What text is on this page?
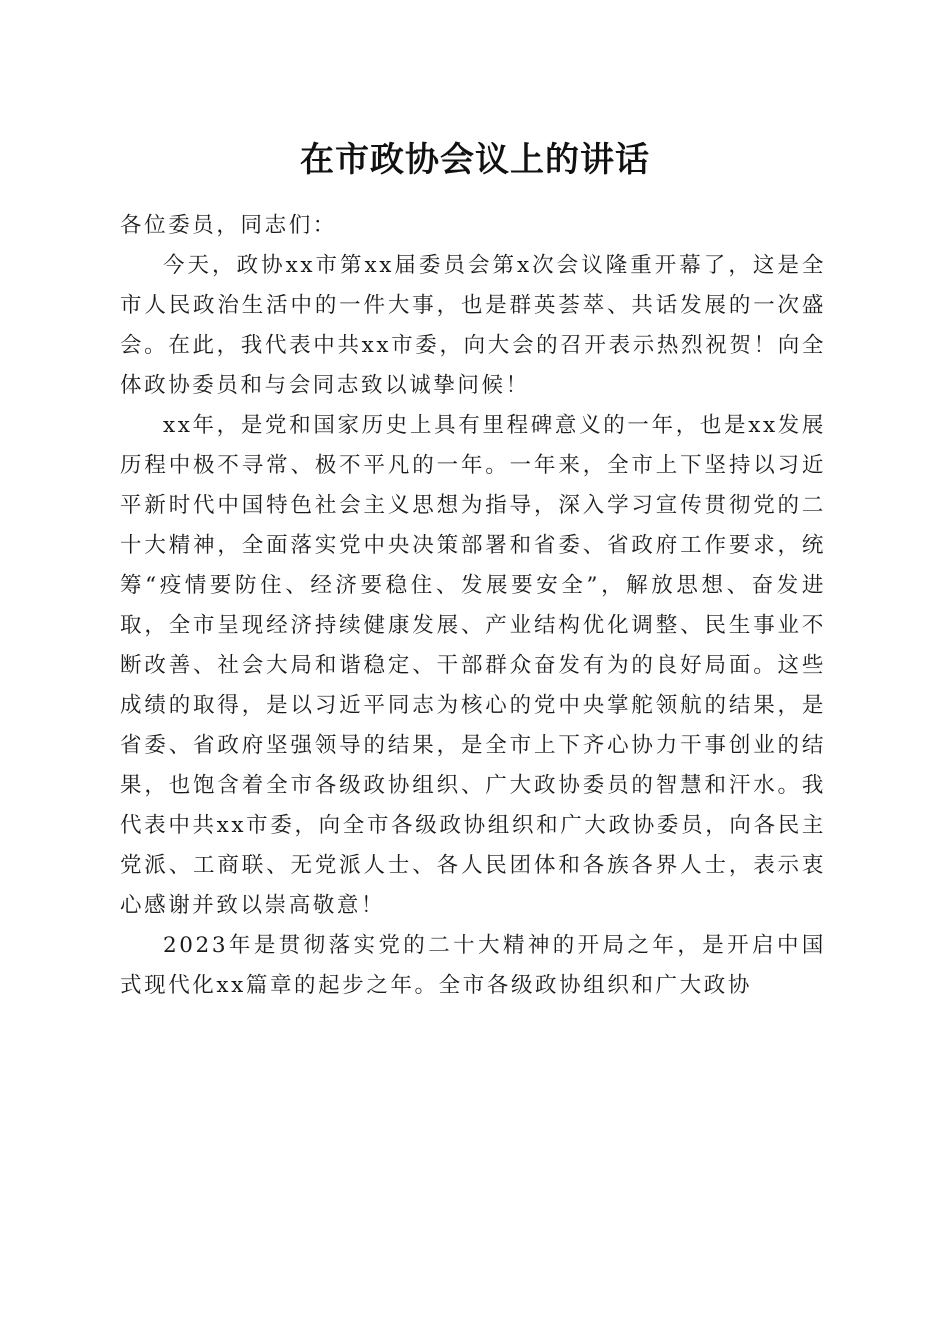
在市政协会议上的讲话

各位委员，同志们：

今天，政协xx市第xx届委员会第x次会议隆重开幕了，这是全市人民政治生活中的一件大事，也是群英荟萃、共话发展的一次盛会。在此，我代表中共xx市委，向大会的召开表示热烈祝贺！向全体政协委员和与会同志致以诚挚问候！

xx年，是党和国家历史上具有里程碑意义的一年，也是xx发展历程中极不寻常、极不平凡的一年。一年来，全市上下坚持以习近平新时代中国特色社会主义思想为指导，深入学习宣传贯彻党的二十大精神，全面落实党中央决策部署和省委、省政府工作要求，统筹“疫情要防住、经济要稳住、发展要安全”，解放思想、奋发进取，全市呈现经济持续健康发展、产业结构优化调整、民生事业不断改善、社会大局和谐稳定、干部群众奋发有为的良好局面。这些成绩的取得，是以习近平同志为核心的党中央掌舵领航的结果，是省委、省政府坚强领导的结果，是全市上下齐心协力干事创业的结果，也饱含着全市各级政协组织、广大政协委员的智慧和汗水。我代表中共xx市委，向全市各级政协组织和广大政协委员，向各民主党派、工商联、无党派人士、各人民团体和各族各界人士，表示衷心感谢并致以崇高敬意！

2023年是贯彻落实党的二十大精神的开局之年，是开启中国式现代化xx篇章的起步之年。全市各级政协组织和广大政协
